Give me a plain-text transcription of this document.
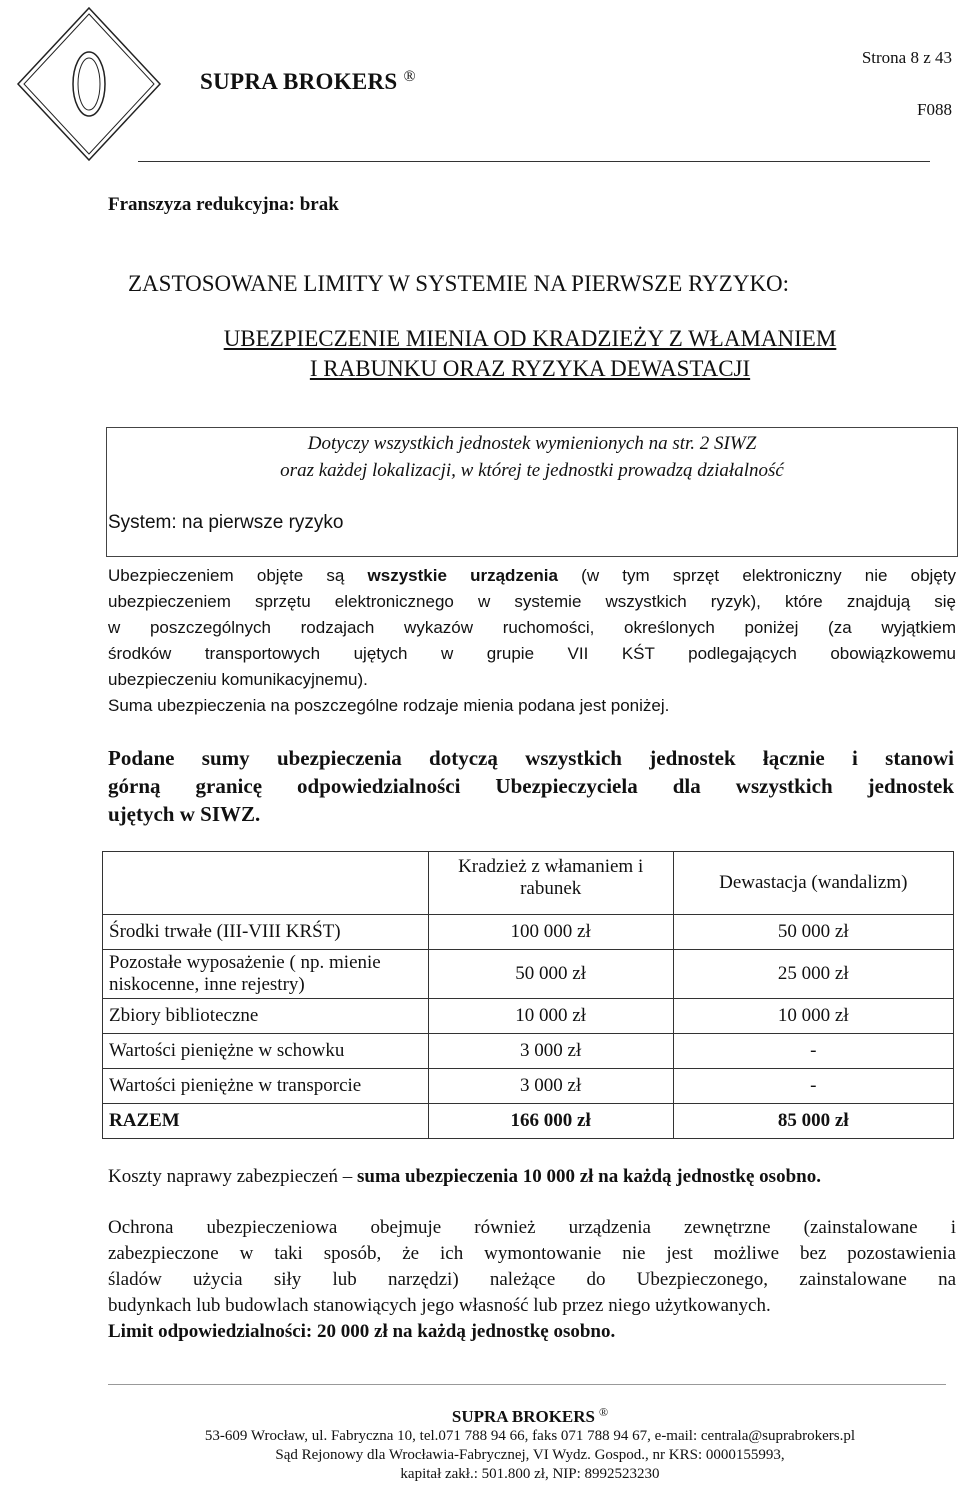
SUPRA BROKERS ®
Strona 8 z 43
F088
Franszyza redukcyjna: brak
ZASTOSOWANE LIMITY W SYSTEMIE NA PIERWSZE RYZYKO:
UBEZPIECZENIE MIENIA OD KRADZIEŻY Z WŁAMANIEM
I RABUNKU ORAZ RYZYKA DEWASTACJI
Dotyczy wszystkich jednostek wymienionych na str. 2 SIWZ
oraz każdej lokalizacji, w której te jednostki prowadzą działalność
System: na pierwsze ryzyko
Ubezpieczeniem objęte są wszystkie urządzenia (w tym sprzęt elektroniczny nie objęty
ubezpieczeniem sprzętu elektronicznego w systemie wszystkich ryzyk), które znajdują się
w poszczególnych rodzajach wykazów ruchomości, określonych poniżej (za wyjątkiem
środków transportowych ujętych w grupie VII KŚT podlegających obowiązkowemu
ubezpieczeniu komunikacyjnemu).
Suma ubezpieczenia na poszczególne rodzaje mienia podana jest poniżej.
Podane sumy ubezpieczenia dotyczą wszystkich jednostek łącznie i stanowi
górną granicę odpowiedzialności Ubezpieczyciela dla wszystkich jednostek
ujętych w SIWZ.
	Kradzież z włamaniem i rabunek	Dewastacja (wandalizm)
Środki trwałe (III-VIII KRŚT)	100 000 zł	50 000 zł
Pozostałe wyposażenie ( np. mienie niskocenne, inne rejestry)	50 000 zł	25 000 zł
Zbiory biblioteczne	10 000 zł	10 000 zł
Wartości pieniężne w schowku	3 000 zł	-
Wartości pieniężne w transporcie	3 000 zł	-
RAZEM	166 000 zł	85 000 zł
Koszty naprawy zabezpieczeń – suma ubezpieczenia 10 000 zł na każdą jednostkę osobno.
Ochrona ubezpieczeniowa obejmuje również urządzenia zewnętrzne (zainstalowane i
zabezpieczone w taki sposób, że ich wymontowanie nie jest możliwe bez pozostawienia
śladów użycia siły lub narzędzi) należące do Ubezpieczonego, zainstalowane na
budynkach lub budowlach stanowiących jego własność lub przez niego użytkowanych.
Limit odpowiedzialności: 20 000 zł na każdą jednostkę osobno.
SUPRA BROKERS ®
53-609 Wrocław, ul. Fabryczna 10, tel.071 788 94 66, faks 071 788 94 67, e-mail: centrala@suprabrokers.pl
Sąd Rejonowy dla Wrocławia-Fabrycznej, VI Wydz. Gospod., nr KRS: 0000155993,
kapitał zakł.: 501.800 zł, NIP: 8992523230
